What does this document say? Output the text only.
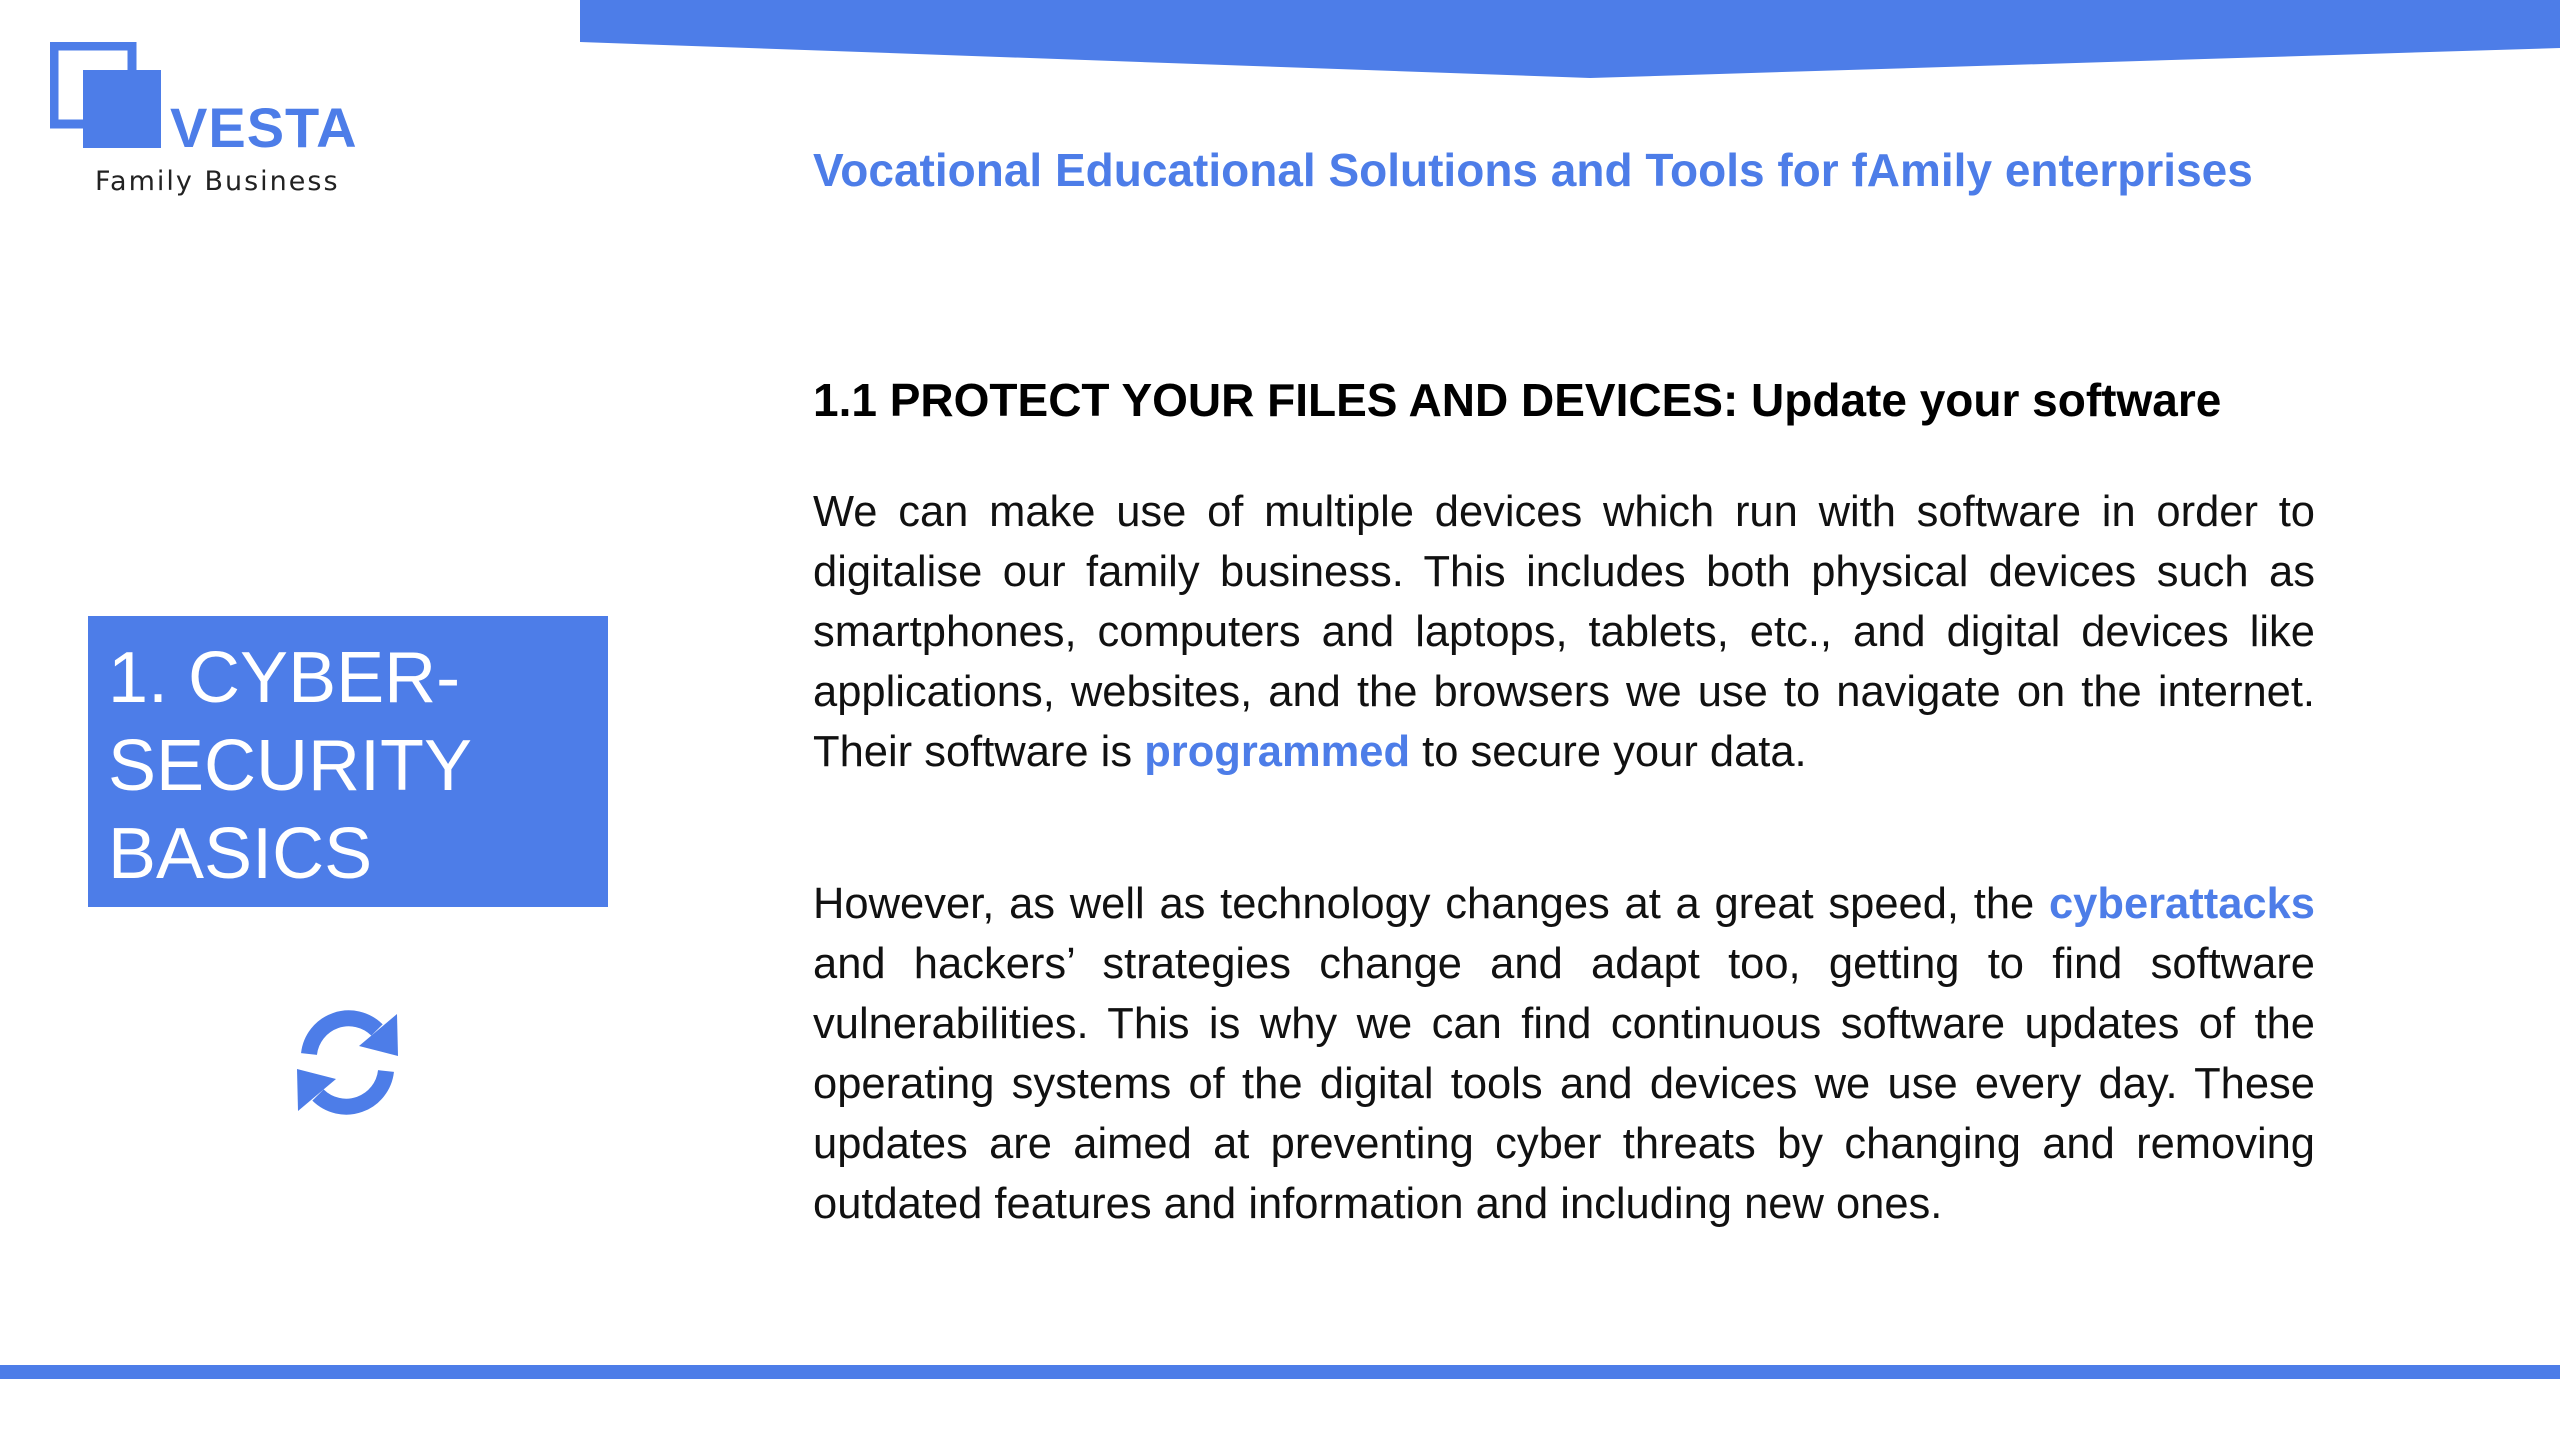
VESTA
Family Business	Vocational Educational Solutions and Tools for fAmily enterprises
1. CYBER-
SECURITY
BASICS
1.1 PROTECT YOUR FILES AND DEVICES: Update your software

We can make use of multiple devices which run with software in order to digitalise our family business. This includes both physical devices such as smartphones, computers and laptops, tablets, etc., and digital devices like applications, websites, and the browsers we use to navigate on the internet. Their software is programmed to secure your data.

However, as well as technology changes at a great speed, the cyberattacks and hackers’ strategies change and adapt too, getting to find software vulnerabilities. This is why we can find continuous software updates of the operating systems of the digital tools and devices we use every day. These updates are aimed at preventing cyber threats by changing and removing outdated features and information and including new ones.
